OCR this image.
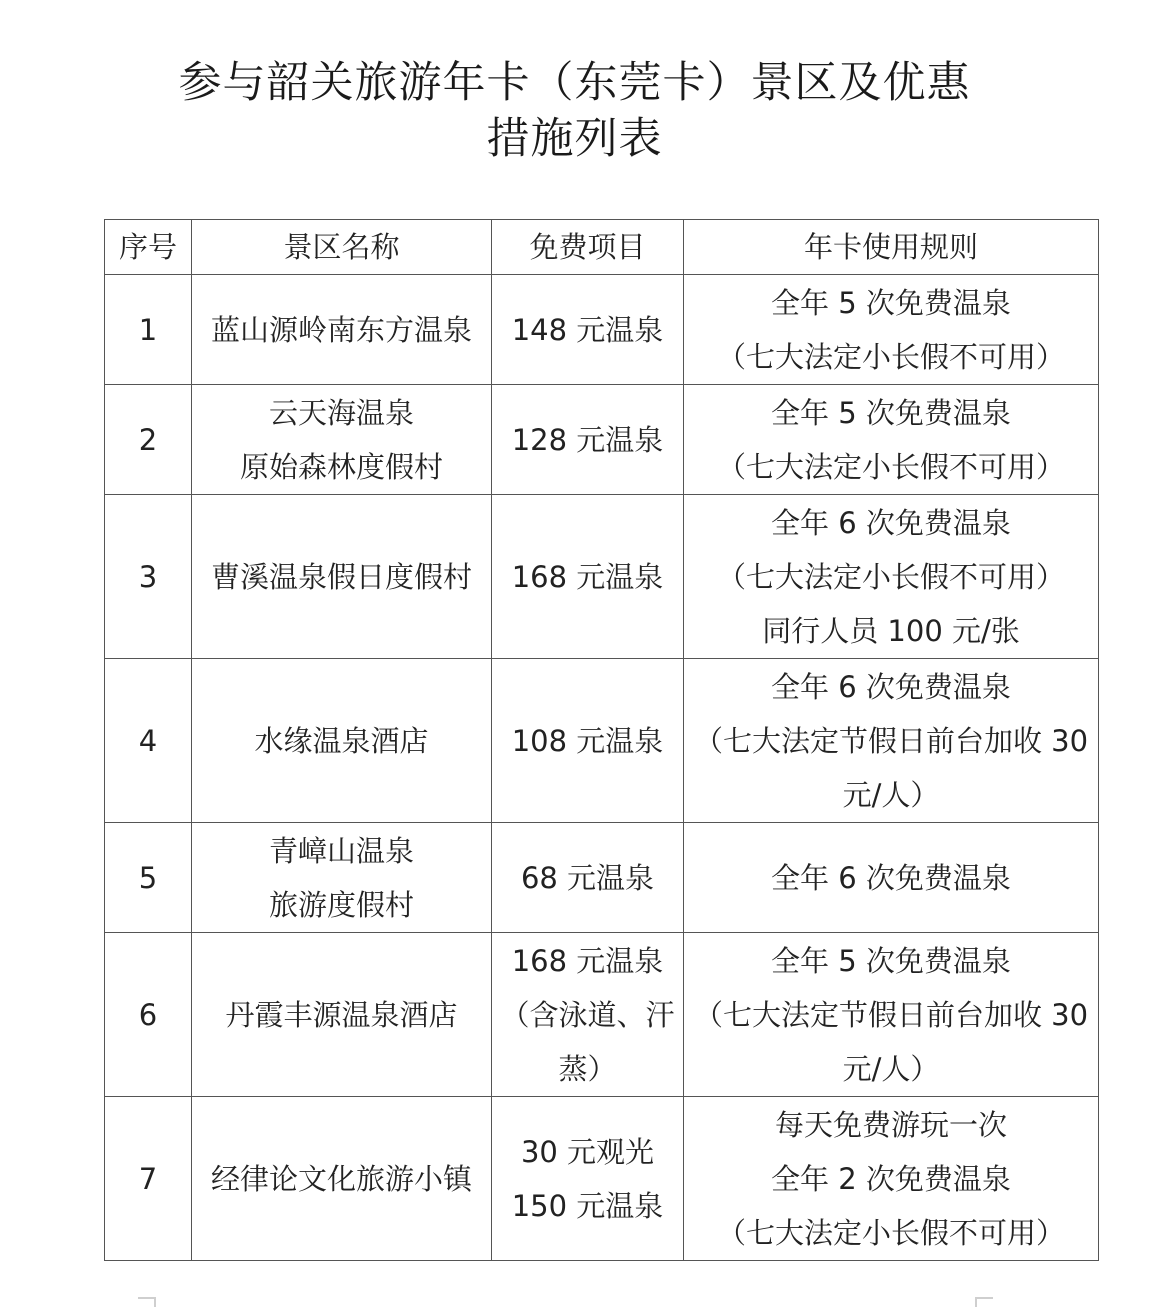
参与韶关旅游年卡（东莞卡）景区及优惠
措施列表
序号	景区名称	免费项目	年卡使用规则
1	蓝山源岭南东方温泉	148 元温泉	全年 5 次免费温泉
（七大法定小长假不可用）

2	云天海温泉
原始森林度假村	128 元温泉	全年 5 次免费温泉
（七大法定小长假不可用）

3	曹溪温泉假日度假村	168 元温泉	全年 6 次免费温泉
（七大法定小长假不可用）
同行人员 100 元/张

4	水缘温泉酒店	108 元温泉	全年 6 次免费温泉
（七大法定节假日前台加收 30
元/人）

5	青嶂山温泉
旅游度假村	68 元温泉	全年 6 次免费温泉

6	丹霞丰源温泉酒店	168 元温泉
（含泳道、汗
蒸）	全年 5 次免费温泉
（七大法定节假日前台加收 30
元/人）

7	经律论文化旅游小镇	30 元观光
150 元温泉	每天免费游玩一次
全年 2 次免费温泉
（七大法定小长假不可用）
